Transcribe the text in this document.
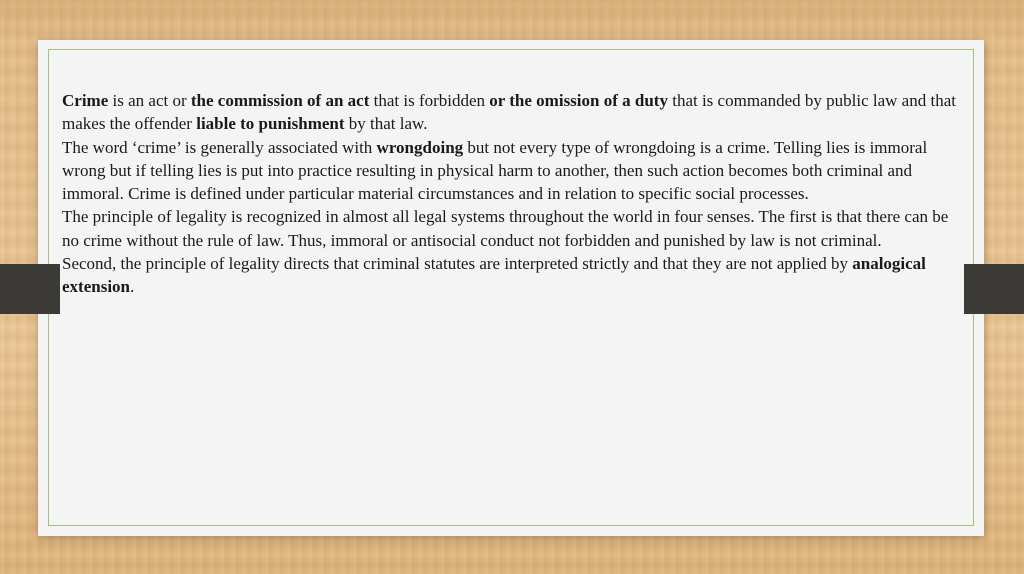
Crime is an act or the commission of an act that is forbidden or the omission of a duty that is commanded by public law and that makes the offender liable to punishment by that law.

The word ‘crime’ is generally associated with wrongdoing but not every type of wrongdoing is a crime. Telling lies is immoral wrong but if telling lies is put into practice resulting in physical harm to another, then such action becomes both criminal and immoral. Crime is defined under particular material circumstances and in relation to specific social processes.

The principle of legality is recognized in almost all legal systems throughout the world in four senses. The first is that there can be no crime without the rule of law. Thus, immoral or antisocial conduct not forbidden and punished by law is not criminal.

Second, the principle of legality directs that criminal statutes are interpreted strictly and that they are not applied by analogical extension.
